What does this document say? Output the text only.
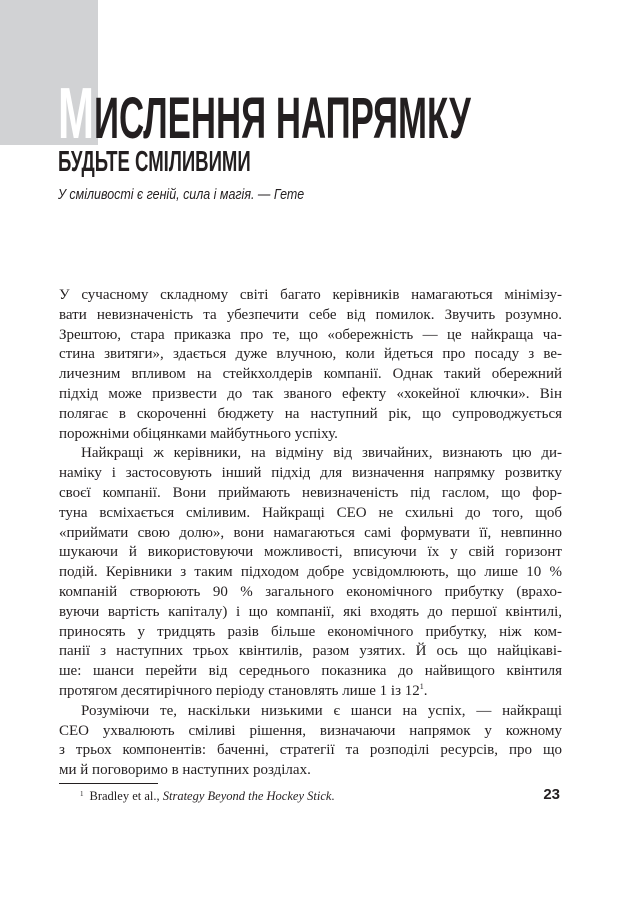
МИСЛЕННЯ НАПРЯМКУ
БУДЬТЕ СМІЛИВИМИ
У сміливості є геній, сила і магія. — Гете
У сучасному складному світі багато керівників намагаються мінімізу-
вати невизначеність та убезпечити себе від помилок. Звучить розумно.
Зрештою, стара приказка про те, що «обережність — це найкраща ча-
стина звитяги», здається дуже влучною, коли йдеться про посаду з ве-
личезним впливом на стейкхолдерів компанії. Однак такий обережний
підхід може призвести до так званого ефекту «хокейної ключки». Він
полягає в скороченні бюджету на наступний рік, що супроводжується
порожніми обіцянками майбутнього успіху.
Найкращі ж керівники, на відміну від звичайних, визнають цю ди-
наміку і застосовують інший підхід для визначення напрямку розвитку
своєї компанії. Вони приймають невизначеність під гаслом, що фор-
туна всміхається сміливим. Найкращі CEO не схильні до того, щоб
«приймати свою долю», вони намагаються самі формувати її, невпинно
шукаючи й використовуючи можливості, вписуючи їх у свій горизонт
подій. Керівники з таким підходом добре усвідомлюють, що лише 10 %
компаній створюють 90 % загального економічного прибутку (врахо-
вуючи вартість капіталу) і що компанії, які входять до першої квінтилі,
приносять у тридцять разів більше економічного прибутку, ніж ком-
панії з наступних трьох квінтилів, разом узятих. Й ось що найцікаві-
ше: шанси перейти від середнього показника до найвищого квінтиля
протягом десятирічного періоду становлять лише 1 із $12^1$.
Розуміючи те, наскільки низькими є шанси на успіх, — найкращі
CEO ухвалюють сміливі рішення, визначаючи напрямок у кожному
з трьох компонентів: баченні, стратегії та розподілі ресурсів, про що
ми й поговоримо в наступних розділах.
$^1$ Bradley et al., Strategy Beyond the Hockey Stick.	23
